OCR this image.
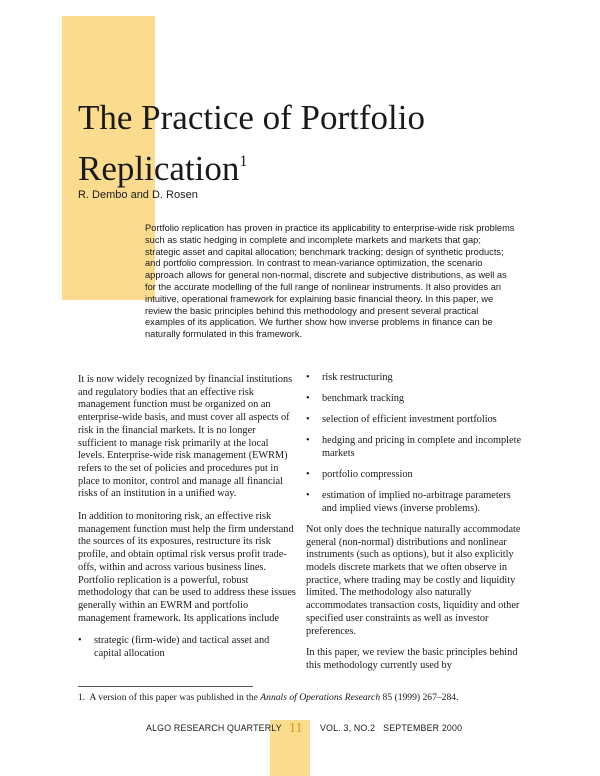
The Practice of Portfolio Replication$^1$

R. Dembo and D. Rosen

Portfolio replication has proven in practice its applicability to enterprise-wide risk problems such as static hedging in complete and incomplete markets and markets that gap; strategic asset and capital allocation; benchmark tracking; design of synthetic products; and portfolio compression. In contrast to mean-variance optimization, the scenario approach allows for general non-normal, discrete and subjective distributions, as well as for the accurate modelling of the full range of nonlinear instruments. It also provides an intuitive, operational framework for explaining basic financial theory. In this paper, we review the basic principles behind this methodology and present several practical examples of its application. We further show how inverse problems in finance can be naturally formulated in this framework.

It is now widely recognized by financial institutions and regulatory bodies that an effective risk management function must be organized on an enterprise-wide basis, and must cover all aspects of risk in the financial markets. It is no longer sufficient to manage risk primarily at the local levels. Enterprise-wide risk management (EWRM) refers to the set of policies and procedures put in place to monitor, control and manage all financial risks of an institution in a unified way.

In addition to monitoring risk, an effective risk management function must help the firm understand the sources of its exposures, restructure its risk profile, and obtain optimal risk versus profit trade-offs, within and across various business lines. Portfolio replication is a powerful, robust methodology that can be used to address these issues generally within an EWRM and portfolio management framework. Its applications include

• strategic (firm-wide) and tactical asset and capital allocation
• risk restructuring
• benchmark tracking
• selection of efficient investment portfolios
• hedging and pricing in complete and incomplete markets
• portfolio compression
• estimation of implied no-arbitrage parameters and implied views (inverse problems).

Not only does the technique naturally accommodate general (non-normal) distributions and nonlinear instruments (such as options), but it also explicitly models discrete markets that we often observe in practice, where trading may be costly and liquidity limited. The methodology also naturally accommodates transaction costs, liquidity and other specified user constraints as well as investor preferences.

In this paper, we review the basic principles behind this methodology currently used by

1. A version of this paper was published in the Annals of Operations Research 85 (1999) 267–284.

ALGO RESEARCH QUARTERLY 11 VOL. 3, NO.2   SEPTEMBER 2000
